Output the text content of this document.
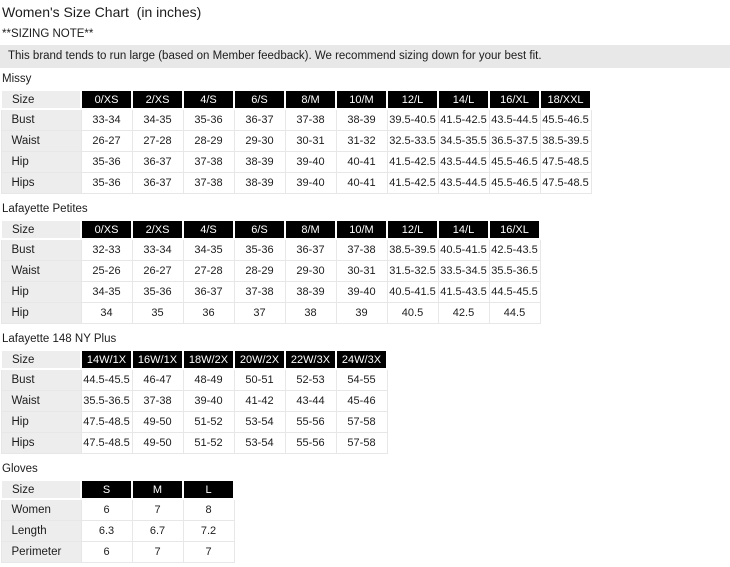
Women's Size Chart  (in inches)
**SIZING NOTE**
This brand tends to run large (based on Member feedback). We recommend sizing down for your best fit.
Missy
Size	0/XS	2/XS	4/S	6/S	8/M	10/M	12/L	14/L	16/XL	18/XXL
Bust	33-34	34-35	35-36	36-37	37-38	38-39	39.5-40.5	41.5-42.5	43.5-44.5	45.5-46.5
Waist	26-27	27-28	28-29	29-30	30-31	31-32	32.5-33.5	34.5-35.5	36.5-37.5	38.5-39.5
Hip	35-36	36-37	37-38	38-39	39-40	40-41	41.5-42.5	43.5-44.5	45.5-46.5	47.5-48.5
Hips	35-36	36-37	37-38	38-39	39-40	40-41	41.5-42.5	43.5-44.5	45.5-46.5	47.5-48.5
Lafayette Petites
Size	0/XS	2/XS	4/S	6/S	8/M	10/M	12/L	14/L	16/XL
Bust	32-33	33-34	34-35	35-36	36-37	37-38	38.5-39.5	40.5-41.5	42.5-43.5
Waist	25-26	26-27	27-28	28-29	29-30	30-31	31.5-32.5	33.5-34.5	35.5-36.5
Hip	34-35	35-36	36-37	37-38	38-39	39-40	40.5-41.5	41.5-43.5	44.5-45.5
Hip	34	35	36	37	38	39	40.5	42.5	44.5
Lafayette 148 NY Plus
Size	14W/1X	16W/1X	18W/2X	20W/2X	22W/3X	24W/3X
Bust	44.5-45.5	46-47	48-49	50-51	52-53	54-55
Waist	35.5-36.5	37-38	39-40	41-42	43-44	45-46
Hip	47.5-48.5	49-50	51-52	53-54	55-56	57-58
Hips	47.5-48.5	49-50	51-52	53-54	55-56	57-58
Gloves
Size	S	M	L
Women	6	7	8
Length	6.3	6.7	7.2
Perimeter	6	7	7
